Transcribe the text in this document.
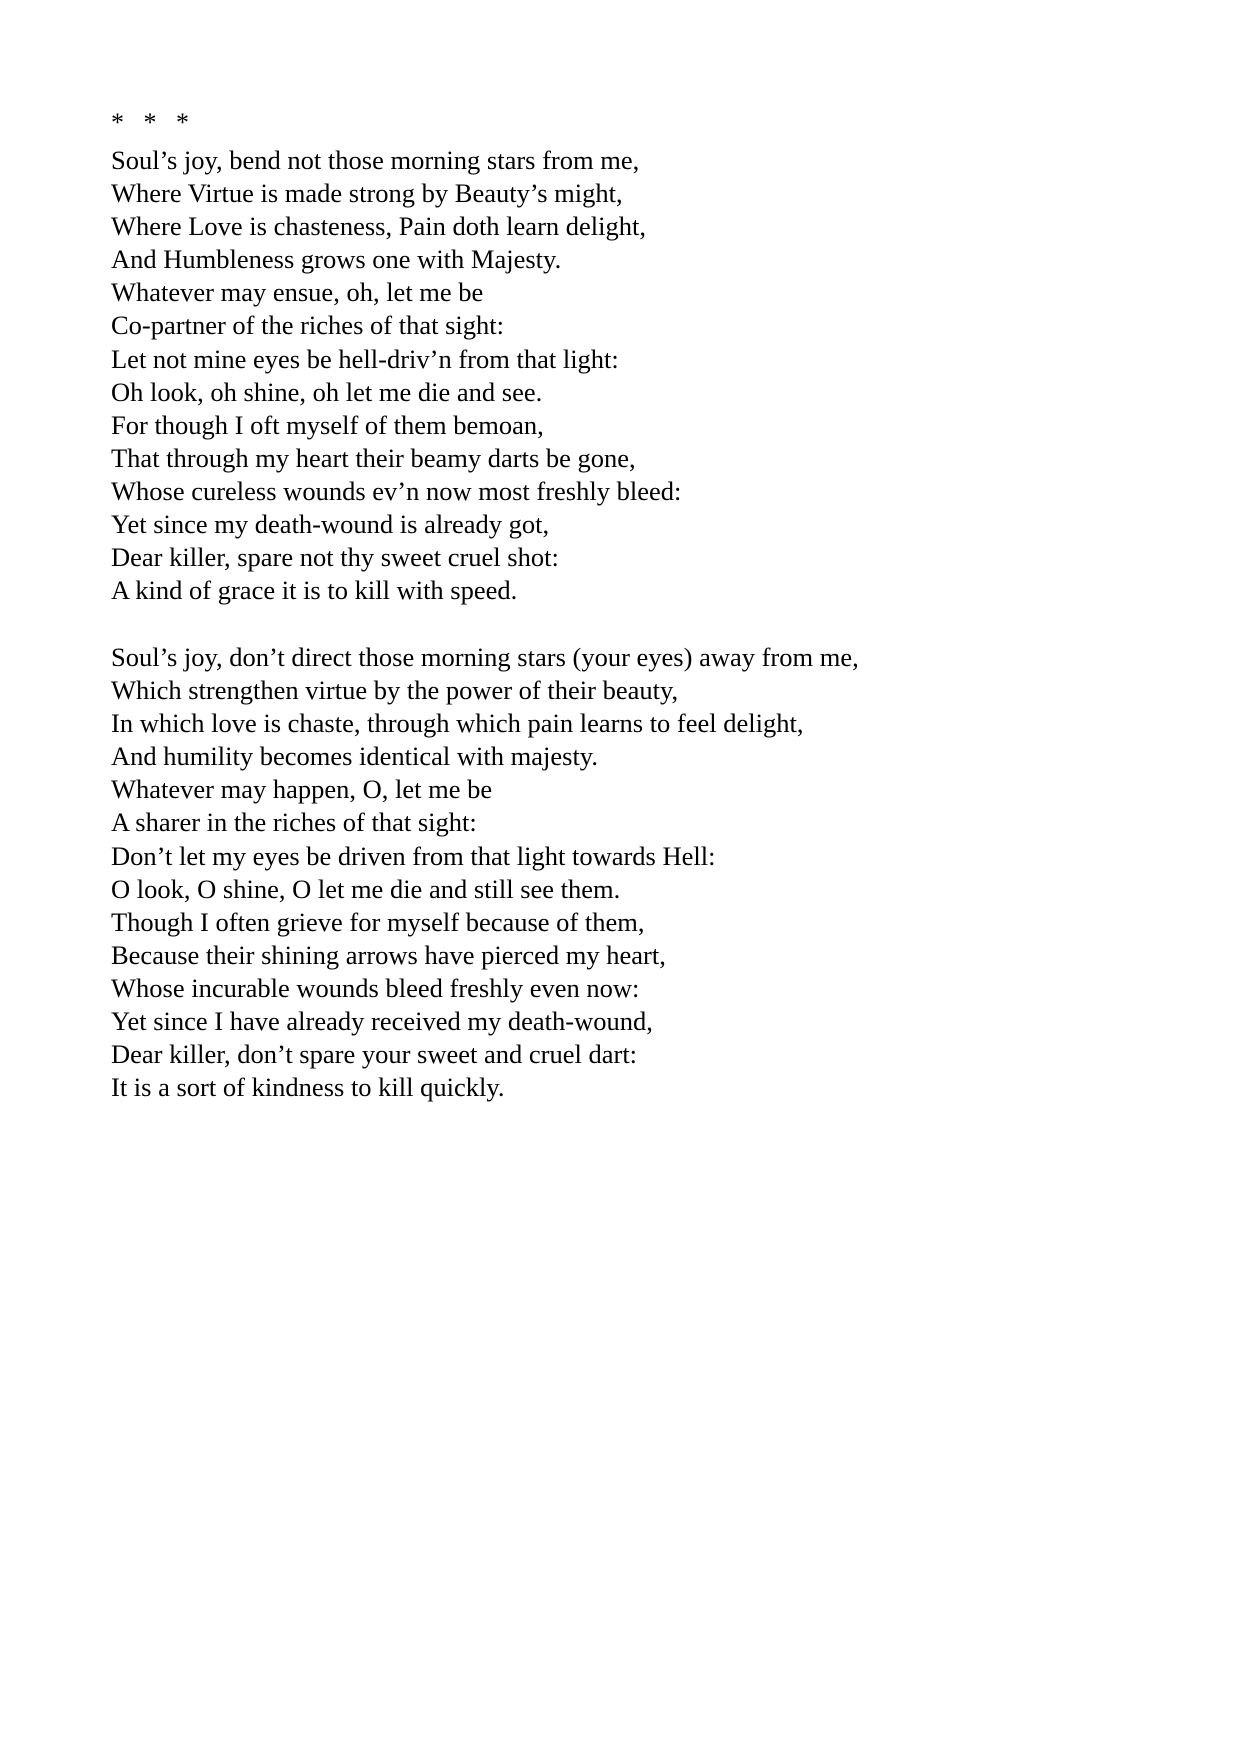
*   *   *

Soul’s joy, bend not those morning stars from me,
Where Virtue is made strong by Beauty’s might,
Where Love is chasteness, Pain doth learn delight,
And Humbleness grows one with Majesty.
Whatever may ensue, oh, let me be
Co-partner of the riches of that sight:
Let not mine eyes be hell-driv’n from that light:
Oh look, oh shine, oh let me die and see.
For though I oft myself of them bemoan,
That through my heart their beamy darts be gone,
Whose cureless wounds ev’n now most freshly bleed:
Yet since my death-wound is already got,
Dear killer, spare not thy sweet cruel shot:
A kind of grace it is to kill with speed.
Soul’s joy, don’t direct those morning stars (your eyes) away from me,
Which strengthen virtue by the power of their beauty,
In which love is chaste, through which pain learns to feel delight,
And humility becomes identical with majesty.
Whatever may happen, O, let me be
A sharer in the riches of that sight:
Don’t let my eyes be driven from that light towards Hell:
O look, O shine, O let me die and still see them.
Though I often grieve for myself because of them,
Because their shining arrows have pierced my heart,
Whose incurable wounds bleed freshly even now:
Yet since I have already received my death-wound,
Dear killer, don’t spare your sweet and cruel dart:
It is a sort of kindness to kill quickly.
